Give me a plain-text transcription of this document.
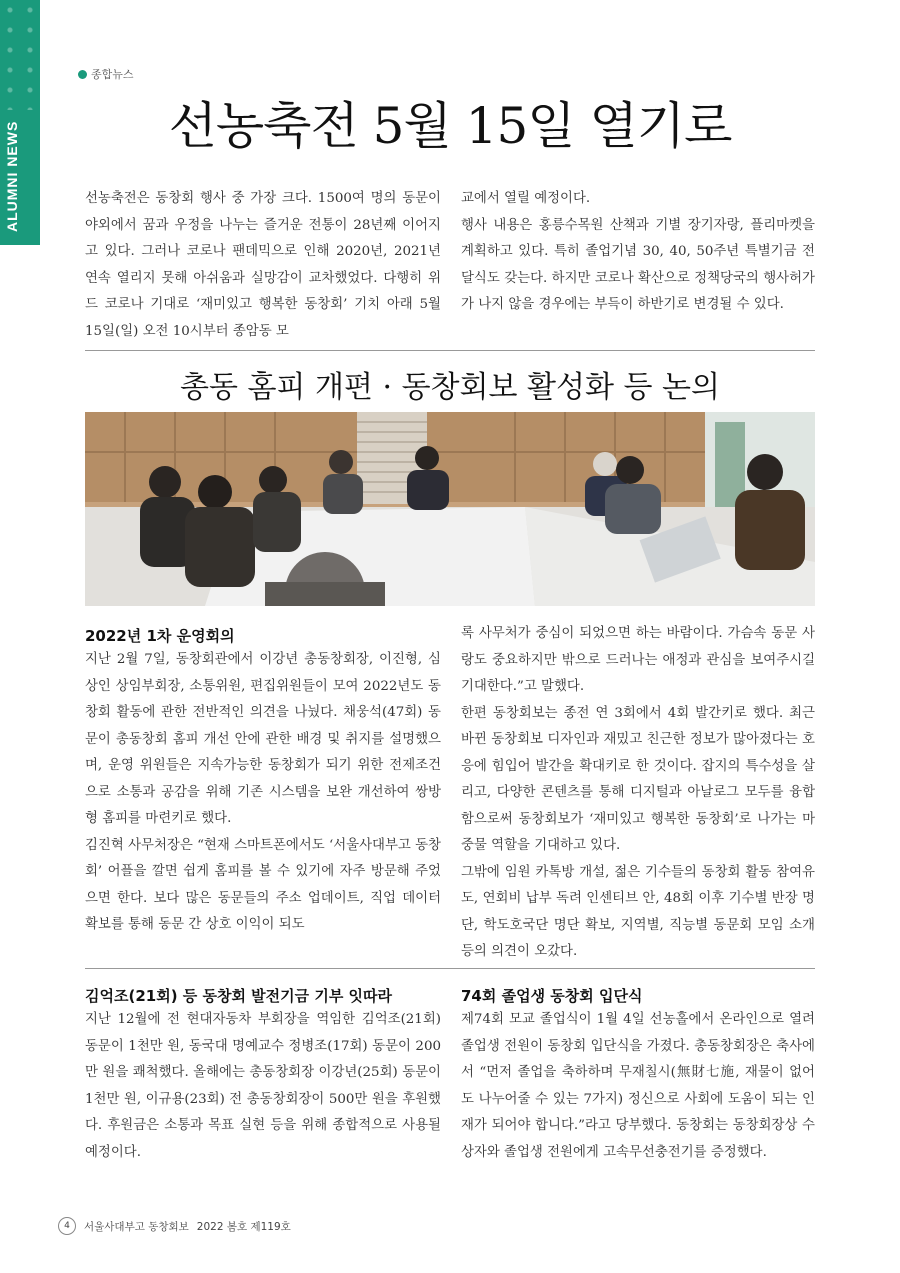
ALUMNI NEWS
종합뉴스
선농축전 5월 15일 열기로

선농축전은 동창회 행사 중 가장 크다. 1500여 명의 동문이 야외에서 꿈과 우정을 나누는 즐거운 전통이 28년째 이어지고 있다. 그러나 코로나 팬데믹으로 인해 2020년, 2021년 연속 열리지 못해 아쉬움과 실망감이 교차했었다. 다행히 위드 코로나 기대로 ‘재미있고 행복한 동창회’ 기치 아래 5월 15일(일) 오전 10시부터 종암동 모

교에서 열릴 예정이다.

행사 내용은 홍릉수목원 산책과 기별 장기자랑, 플리마켓을 계획하고 있다. 특히 졸업기념 30, 40, 50주년 특별기금 전달식도 갖는다. 하지만 코로나 확산으로 정책당국의 행사허가가 나지 않을 경우에는 부득이 하반기로 변경될 수 있다.

총동 홈피 개편 · 동창회보 활성화 등 논의
2022년 1차 운영회의

지난 2월 7일, 동창회관에서 이강년 총동창회장, 이진형, 심상인 상임부회장, 소통위원, 편집위원들이 모여 2022년도 동창회 활동에 관한 전반적인 의견을 나눴다. 채웅석(47회) 동문이 총동창회 홈피 개선 안에 관한 배경 및 취지를 설명했으며, 운영 위원들은 지속가능한 동창회가 되기 위한 전제조건으로 소통과 공감을 위해 기존 시스템을 보완 개선하여 쌍방형 홈피를 마련키로 했다.

김진혁 사무처장은 “현재 스마트폰에서도 ‘서울사대부고 동창회’ 어플을 깔면 쉽게 홈피를 볼 수 있기에 자주 방문해 주었으면 한다. 보다 많은 동문들의 주소 업데이트, 직업 데이터 확보를 통해 동문 간 상호 이익이 되도

록 사무처가 중심이 되었으면 하는 바람이다. 가슴속 동문 사랑도 중요하지만 밖으로 드러나는 애정과 관심을 보여주시길 기대한다.”고 말했다.

한편 동창회보는 종전 연 3회에서 4회 발간키로 했다. 최근 바뀐 동창회보 디자인과 재밌고 친근한 정보가 많아졌다는 호응에 힘입어 발간을 확대키로 한 것이다. 잡지의 특수성을 살리고, 다양한 콘텐츠를 통해 디지털과 아날로그 모두를 융합함으로써 동창회보가 ‘재미있고 행복한 동창회’로 나가는 마중물 역할을 기대하고 있다.

그밖에 임원 카톡방 개설, 젊은 기수들의 동창회 활동 참여유도, 연회비 납부 독려 인센티브 안, 48회 이후 기수별 반장 명단, 학도호국단 명단 확보, 지역별, 직능별 동문회 모임 소개 등의 의견이 오갔다.

김억조(21회) 등 동창회 발전기금 기부 잇따라

지난 12월에 전 현대자동차 부회장을 역임한 김억조(21회) 동문이 1천만 원, 동국대 명예교수 정병조(17회) 동문이 200만 원을 쾌척했다. 올해에는 총동창회장 이강년(25회) 동문이 1천만 원, 이규용(23회) 전 총동창회장이 500만 원을 후원했다. 후원금은 소통과 목표 실현 등을 위해 종합적으로 사용될 예정이다.

74회 졸업생 동창회 입단식

제74회 모교 졸업식이 1월 4일 선농홀에서 온라인으로 열려 졸업생 전원이 동창회 입단식을 가졌다. 총동창회장은 축사에서 “먼저 졸업을 축하하며 무재칠시(無財七施, 재물이 없어도 나누어줄 수 있는 7가지) 정신으로 사회에 도움이 되는 인재가 되어야 합니다.”라고 당부했다. 동창회는 동창회장상 수상자와 졸업생 전원에게 고속무선충전기를 증정했다.

4	서울사대부고 동창회보 2022 봄호 제119호
